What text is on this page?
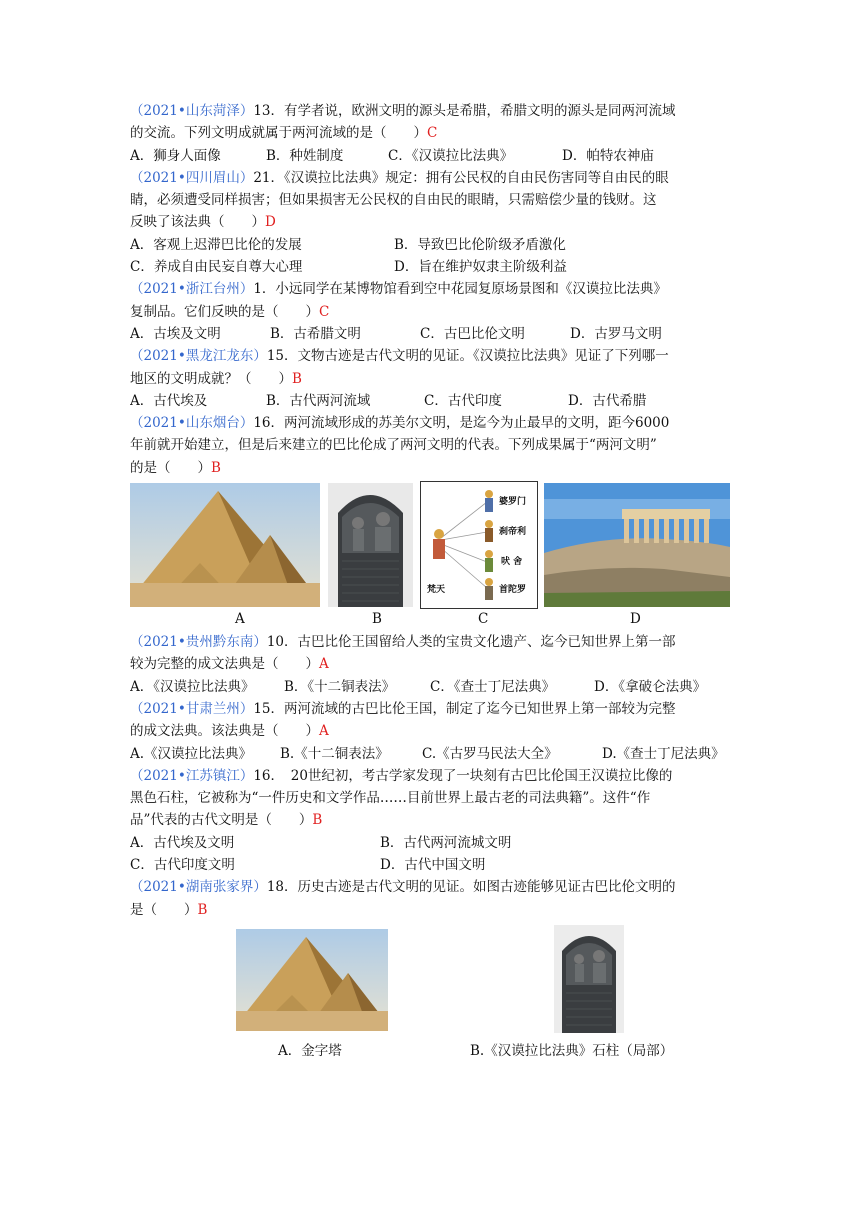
（2021•山东菏泽）13．有学者说，欧洲文明的源头是希腊，希腊文明的源头是同两河流域
的交流。下列文明成就属于两河流域的是（　　）C
A．狮身人面像	B．种姓制度	C．《汉谟拉比法典》	D．帕特农神庙
（2021•四川眉山）21．《汉谟拉比法典》规定：拥有公民权的自由民伤害同等自由民的眼
睛，必须遭受同样损害；但如果损害无公民权的自由民的眼睛，只需赔偿少量的钱财。这
反映了该法典（　　）D
A．客观上迟滞巴比伦的发展	B．导致巴比伦阶级矛盾激化
C．养成自由民妄自尊大心理	D．旨在维护奴隶主阶级利益
（2021•浙江台州）1．小远同学在某博物馆看到空中花园复原场景图和《汉谟拉比法典》
复制品。它们反映的是（　　）C
A．古埃及文明	B．古希腊文明	C．古巴比伦文明	D．古罗马文明
（2021•黑龙江龙东）15．文物古迹是古代文明的见证。《汉谟拉比法典》见证了下列哪一
地区的文明成就？（　　）B
A．古代埃及	B．古代两河流域	C．古代印度	D．古代希腊
（2021•山东烟台）16．两河流域形成的苏美尔文明，是迄今为止最早的文明，距今6000
年前就开始建立，但是后来建立的巴比伦成了两河文明的代表。下列成果属于“两河文明”
的是（　　）B
婆罗门
刹帝利
吠 舍
首陀罗
梵天
A	B	C	D
（2021•贵州黔东南）10．古巴比伦王国留给人类的宝贵文化遗产、迄今已知世界上第一部
较为完整的成文法典是（　　）A
A．《汉谟拉比法典》 B．《十二铜表法》	C．《查士丁尼法典》	D．《拿破仑法典》
（2021•甘肃兰州）15．两河流域的古巴比伦王国，制定了迄今已知世界上第一部较为完整
的成文法典。该法典是（　　）A
A.《汉谟拉比法典》 B.《十二铜表法》 C.《古罗马民法大全》	D.《查士丁尼法典》
（2021•江苏镇江）16．　20世纪初，考古学家发现了一块刻有古巴比伦国王汉谟拉比像的
黑色石柱，它被称为“一件历史和文学作品……目前世界上最古老的司法典籍”。这件“作
品”代表的古代文明是（　　）B
A．古代埃及文明	B．古代两河流城文明
C．古代印度文明	D．古代中国文明
（2021•湖南张家界）18．历史古迹是古代文明的见证。如图古迹能够见证古巴比伦文明的
是（　　）B
A．金字塔	B.《汉谟拉比法典》石柱（局部）
